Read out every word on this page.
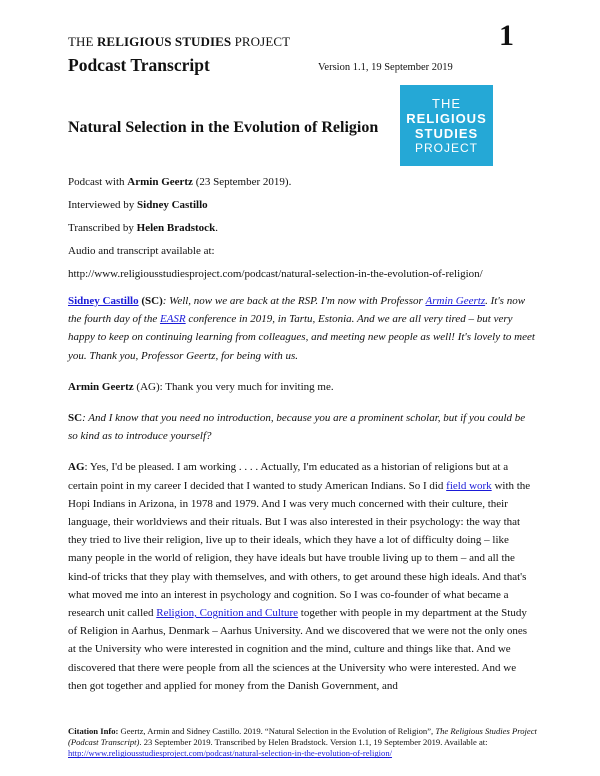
THE RELIGIOUS STUDIES PROJECT	1
Podcast Transcript	Version 1.1, 19 September 2019
THE
RELIGIOUS
STUDIES
PROJECT
Natural Selection in the Evolution of Religion

Podcast with Armin Geertz (23 September 2019).

Interviewed by Sidney Castillo

Transcribed by Helen Bradstock.

Audio and transcript available at:

http://www.religiousstudiesproject.com/podcast/natural-selection-in-the-evolution-of-religion/

Sidney Castillo (SC): Well, now we are back at the RSP. I'm now with Professor Armin Geertz. It's now the fourth day of the EASR conference in 2019, in Tartu, Estonia. And we are all very tired – but very happy to keep on continuing learning from colleagues, and meeting new people as well! It's lovely to meet you. Thank you, Professor Geertz, for being with us.

Armin Geertz (AG): Thank you very much for inviting me.

SC: And I know that you need no introduction, because you are a prominent scholar, but if you could be so kind as to introduce yourself?

AG: Yes, I'd be pleased. I am working . . . . Actually, I'm educated as a historian of religions but at a certain point in my career I decided that I wanted to study American Indians. So I did field work with the Hopi Indians in Arizona, in 1978 and 1979. And I was very much concerned with their culture, their language, their worldviews and their rituals. But I was also interested in their psychology: the way that they tried to live their religion, live up to their ideals, which they have a lot of difficulty doing – like many people in the world of religion, they have ideals but have trouble living up to them – and all the kind-of tricks that they play with themselves, and with others, to get around these high ideals. And that's what moved me into an interest in psychology and cognition. So I was co-founder of what became a research unit called Religion, Cognition and Culture together with people in my department at the Study of Religion in Aarhus, Denmark – Aarhus University. And we discovered that we were not the only ones at the University who were interested in cognition and the mind, culture and things like that. And we discovered that there were people from all the sciences at the University who were interested. And we then got together and applied for money from the Danish Government, and

Citation Info: Geertz, Armin and Sidney Castillo. 2019. “Natural Selection in the Evolution of Religion”, The Religious Studies Project (Podcast Transcript). 23 September 2019. Transcribed by Helen Bradstock. Version 1.1, 19 September 2019. Available at: http://www.religiousstudiesproject.com/podcast/natural-selection-in-the-evolution-of-religion/
